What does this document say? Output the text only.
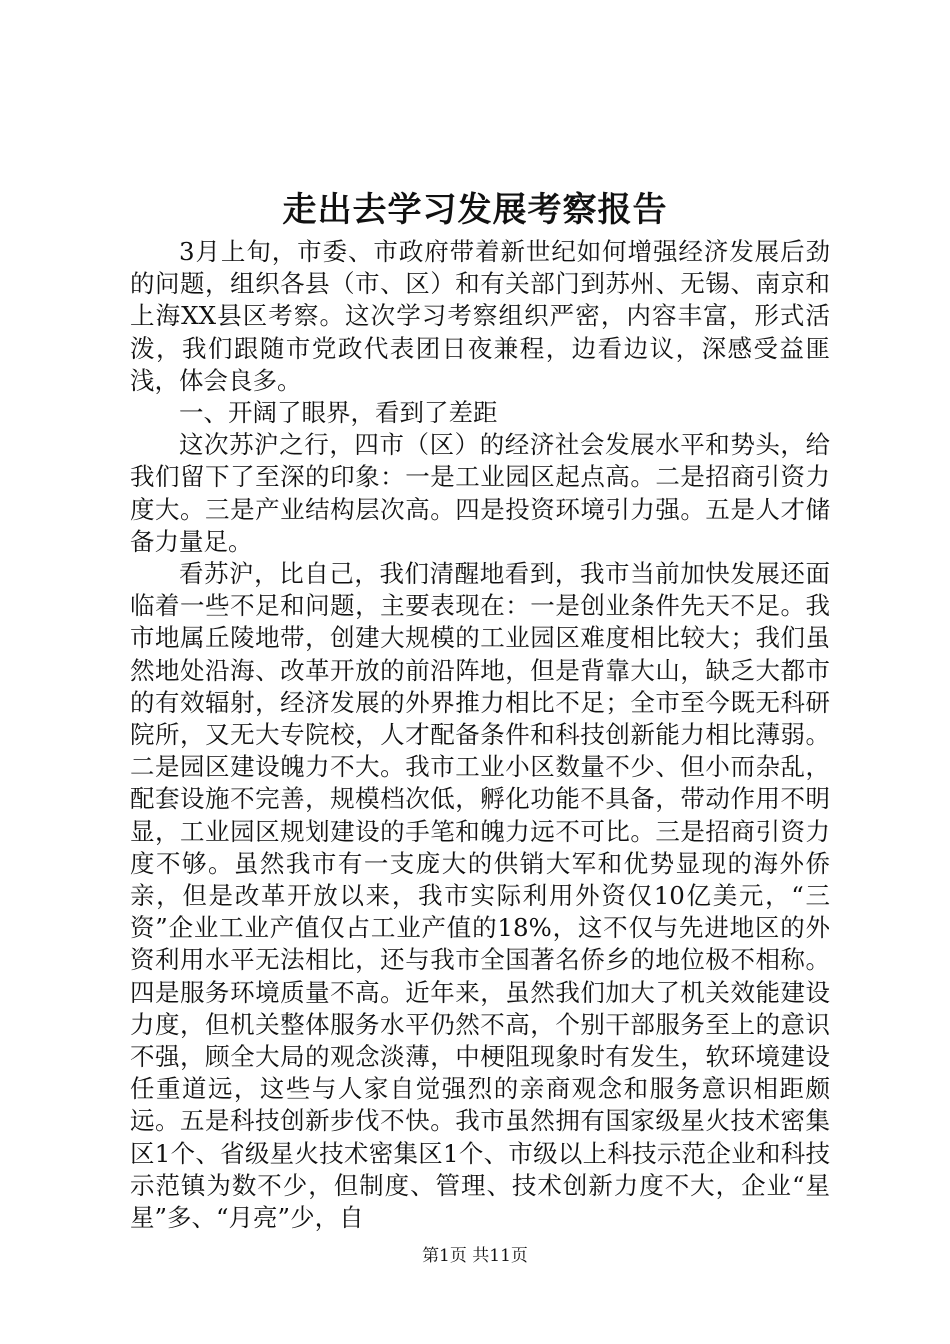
走出去学习发展考察报告

3月上旬，市委、市政府带着新世纪如何增强经济发展后劲的问题，组织各县（市、区）和有关部门到苏州、无锡、南京和上海XX县区考察。这次学习考察组织严密，内容丰富，形式活泼，我们跟随市党政代表团日夜兼程，边看边议，深感受益匪浅，体会良多。

一、开阔了眼界，看到了差距

这次苏沪之行，四市（区）的经济社会发展水平和势头，给我们留下了至深的印象：一是工业园区起点高。二是招商引资力度大。三是产业结构层次高。四是投资环境引力强。五是人才储备力量足。

看苏沪，比自己，我们清醒地看到，我市当前加快发展还面临着一些不足和问题，主要表现在：一是创业条件先天不足。我市地属丘陵地带，创建大规模的工业园区难度相比较大；我们虽然地处沿海、改革开放的前沿阵地，但是背靠大山，缺乏大都市的有效辐射，经济发展的外界推力相比不足；全市至今既无科研院所，又无大专院校，人才配备条件和科技创新能力相比薄弱。二是园区建设魄力不大。我市工业小区数量不少、但小而杂乱，配套设施不完善，规模档次低，孵化功能不具备，带动作用不明显，工业园区规划建设的手笔和魄力远不可比。三是招商引资力度不够。虽然我市有一支庞大的供销大军和优势显现的海外侨亲，但是改革开放以来，我市实际利用外资仅10亿美元，“三资”企业工业产值仅占工业产值的18%，这不仅与先进地区的外资利用水平无法相比，还与我市全国著名侨乡的地位极不相称。四是服务环境质量不高。近年来，虽然我们加大了机关效能建设力度，但机关整体服务水平仍然不高，个别干部服务至上的意识不强，顾全大局的观念淡薄，中梗阻现象时有发生，软环境建设任重道远，这些与人家自觉强烈的亲商观念和服务意识相距颇远。五是科技创新步伐不快。我市虽然拥有国家级星火技术密集区1个、省级星火技术密集区1个、市级以上科技示范企业和科技示范镇为数不少，但制度、管理、技术创新力度不大，企业“星星”多、“月亮”少，自

第1页 共11页
